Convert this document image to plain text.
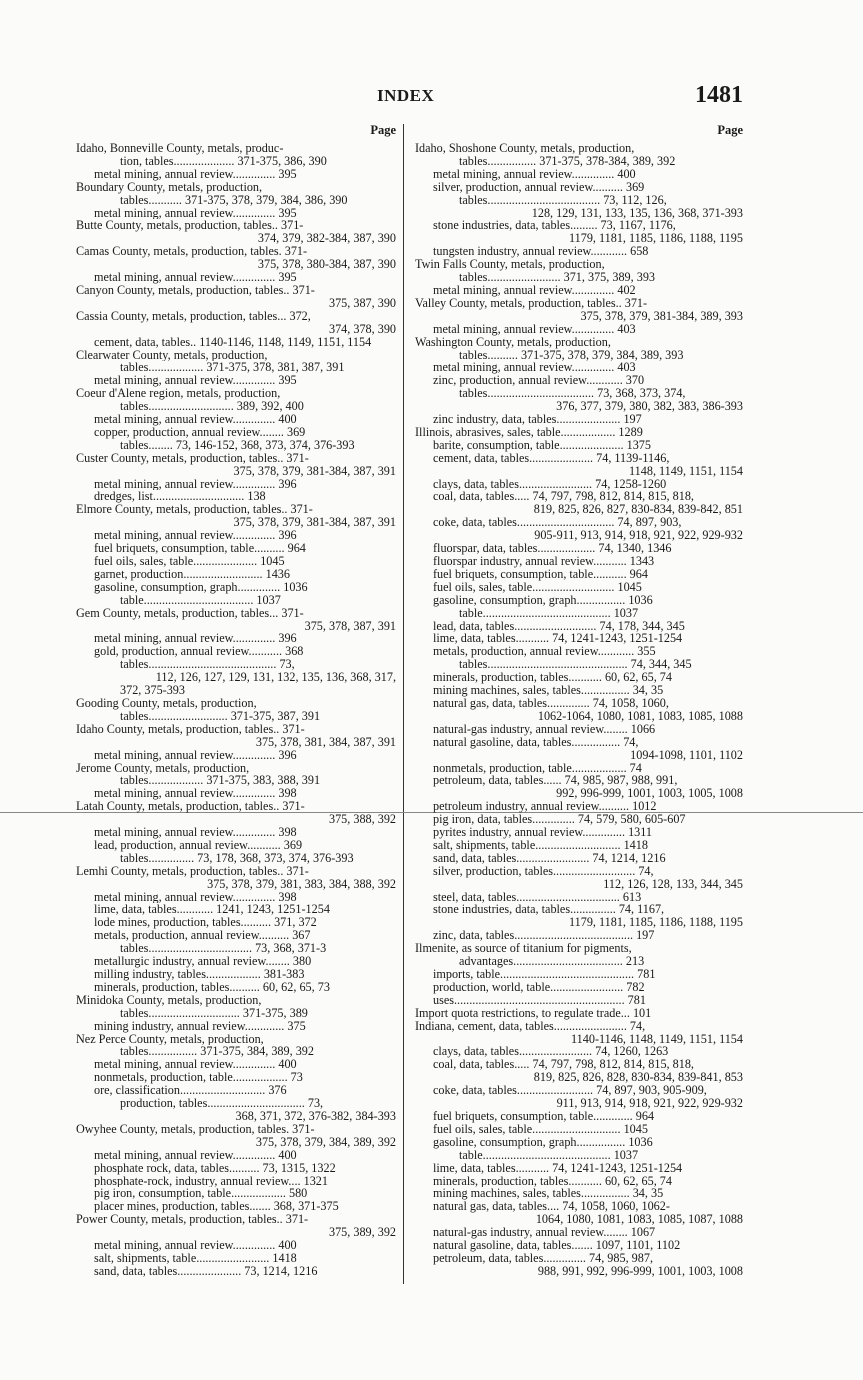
INDEX	1481
Page
Idaho, Bonneville County, metals, produc-
tion, tables.................... 371-375, 386, 390
metal mining, annual review.............. 395
Boundary County, metals, production,
tables........... 371-375, 378, 379, 384, 386, 390
metal mining, annual review.............. 395
Butte County, metals, production, tables.. 371-
374, 379, 382-384, 387, 390
Camas County, metals, production, tables. 371-
375, 378, 380-384, 387, 390
metal mining, annual review.............. 395
Canyon County, metals, production, tables.. 371-
375, 387, 390
Cassia County, metals, production, tables... 372,
374, 378, 390
cement, data, tables.. 1140-1146, 1148, 1149, 1151, 1154
Clearwater County, metals, production,
tables.................. 371-375, 378, 381, 387, 391
metal mining, annual review.............. 395
Coeur d'Alene region, metals, production,
tables............................ 389, 392, 400
metal mining, annual review.............. 400
copper, production, annual review........ 369
tables........ 73, 146-152, 368, 373, 374, 376-393
Custer County, metals, production, tables.. 371-
375, 378, 379, 381-384, 387, 391
metal mining, annual review.............. 396
dredges, list.............................. 138
Elmore County, metals, production, tables.. 371-
375, 378, 379, 381-384, 387, 391
metal mining, annual review.............. 396
fuel briquets, consumption, table.......... 964
fuel oils, sales, table..................... 1045
garnet, production.......................... 1436
gasoline, consumption, graph.............. 1036
table.................................... 1037
Gem County, metals, production, tables... 371-
375, 378, 387, 391
metal mining, annual review.............. 396
gold, production, annual review........... 368
tables.......................................... 73,
112, 126, 127, 129, 131, 132, 135, 136, 368, 317,
372, 375-393
Gooding County, metals, production,
tables.......................... 371-375, 387, 391
Idaho County, metals, production, tables.. 371-
375, 378, 381, 384, 387, 391
metal mining, annual review.............. 396
Jerome County, metals, production,
tables.................. 371-375, 383, 388, 391
metal mining, annual review.............. 398
Latah County, metals, production, tables.. 371-
375, 388, 392
metal mining, annual review.............. 398
lead, production, annual review........... 369
tables............... 73, 178, 368, 373, 374, 376-393
Lemhi County, metals, production, tables.. 371-
375, 378, 379, 381, 383, 384, 388, 392
metal mining, annual review.............. 398
lime, data, tables............ 1241, 1243, 1251-1254
lode mines, production, tables.......... 371, 372
metals, production, annual review.......... 367
tables.................................. 73, 368, 371-3
metallurgic industry, annual review........ 380
milling industry, tables.................. 381-383
minerals, production, tables.......... 60, 62, 65, 73
Minidoka County, metals, production,
tables.............................. 371-375, 389
mining industry, annual review............. 375
Nez Perce County, metals, production,
tables................ 371-375, 384, 389, 392
metal mining, annual review.............. 400
nonmetals, production, table.................. 73
ore, classification............................ 376
production, tables................................ 73,
368, 371, 372, 376-382, 384-393
Owyhee County, metals, production, tables. 371-
375, 378, 379, 384, 389, 392
metal mining, annual review.............. 400
phosphate rock, data, tables.......... 73, 1315, 1322
phosphate-rock, industry, annual review.... 1321
pig iron, consumption, table.................. 580
placer mines, production, tables....... 368, 371-375
Power County, metals, production, tables.. 371-
375, 389, 392
metal mining, annual review.............. 400
salt, shipments, table........................ 1418
sand, data, tables..................... 73, 1214, 1216
Page
Idaho, Shoshone County, metals, production,
tables................ 371-375, 378-384, 389, 392
metal mining, annual review.............. 400
silver, production, annual review.......... 369
tables..................................... 73, 112, 126,
128, 129, 131, 133, 135, 136, 368, 371-393
stone industries, data, tables......... 73, 1167, 1176,
1179, 1181, 1185, 1186, 1188, 1195
tungsten industry, annual review............ 658
Twin Falls County, metals, production,
tables........................ 371, 375, 389, 393
metal mining, annual review.............. 402
Valley County, metals, production, tables.. 371-
375, 378, 379, 381-384, 389, 393
metal mining, annual review.............. 403
Washington County, metals, production,
tables.......... 371-375, 378, 379, 384, 389, 393
metal mining, annual review.............. 403
zinc, production, annual review............ 370
tables................................... 73, 368, 373, 374,
376, 377, 379, 380, 382, 383, 386-393
zinc industry, data, tables..................... 197
Illinois, abrasives, sales, table.................. 1289
barite, consumption, table..................... 1375
cement, data, tables..................... 74, 1139-1146,
1148, 1149, 1151, 1154
clays, data, tables........................ 74, 1258-1260
coal, data, tables..... 74, 797, 798, 812, 814, 815, 818,
819, 825, 826, 827, 830-834, 839-842, 851
coke, data, tables................................ 74, 897, 903,
905-911, 913, 914, 918, 921, 922, 929-932
fluorspar, data, tables................... 74, 1340, 1346
fluorspar industry, annual review........... 1343
fuel briquets, consumption, table........... 964
fuel oils, sales, table........................... 1045
gasoline, consumption, graph................ 1036
table.......................................... 1037
lead, data, tables........................... 74, 178, 344, 345
lime, data, tables........... 74, 1241-1243, 1251-1254
metals, production, annual review............ 355
tables.............................................. 74, 344, 345
minerals, production, tables........... 60, 62, 65, 74
mining machines, sales, tables................ 34, 35
natural gas, data, tables.............. 74, 1058, 1060,
1062-1064, 1080, 1081, 1083, 1085, 1088
natural-gas industry, annual review........ 1066
natural gasoline, data, tables................ 74,
1094-1098, 1101, 1102
nonmetals, production, table.................. 74
petroleum, data, tables...... 74, 985, 987, 988, 991,
992, 996-999, 1001, 1003, 1005, 1008
petroleum industry, annual review.......... 1012
pig iron, data, tables.............. 74, 579, 580, 605-607
pyrites industry, annual review.............. 1311
salt, shipments, table............................ 1418
sand, data, tables........................ 74, 1214, 1216
silver, production, tables........................... 74,
112, 126, 128, 133, 344, 345
steel, data, tables.................................. 613
stone industries, data, tables............... 74, 1167,
1179, 1181, 1185, 1186, 1188, 1195
zinc, data, tables....................................... 197
Ilmenite, as source of titanium for pigments,
advantages.................................... 213
imports, table............................................ 781
production, world, table........................ 782
uses........................................................ 781
Import quota restrictions, to regulate trade... 101
Indiana, cement, data, tables........................ 74,
1140-1146, 1148, 1149, 1151, 1154
clays, data, tables........................ 74, 1260, 1263
coal, data, tables..... 74, 797, 798, 812, 814, 815, 818,
819, 825, 826, 828, 830-834, 839-841, 853
coke, data, tables......................... 74, 897, 903, 905-909,
911, 913, 914, 918, 921, 922, 929-932
fuel briquets, consumption, table............. 964
fuel oils, sales, table............................. 1045
gasoline, consumption, graph................ 1036
table.......................................... 1037
lime, data, tables........... 74, 1241-1243, 1251-1254
minerals, production, tables........... 60, 62, 65, 74
mining machines, sales, tables................ 34, 35
natural gas, data, tables.... 74, 1058, 1060, 1062-
1064, 1080, 1081, 1083, 1085, 1087, 1088
natural-gas industry, annual review........ 1067
natural gasoline, data, tables....... 1097, 1101, 1102
petroleum, data, tables.............. 74, 985, 987,
988, 991, 992, 996-999, 1001, 1003, 1008
